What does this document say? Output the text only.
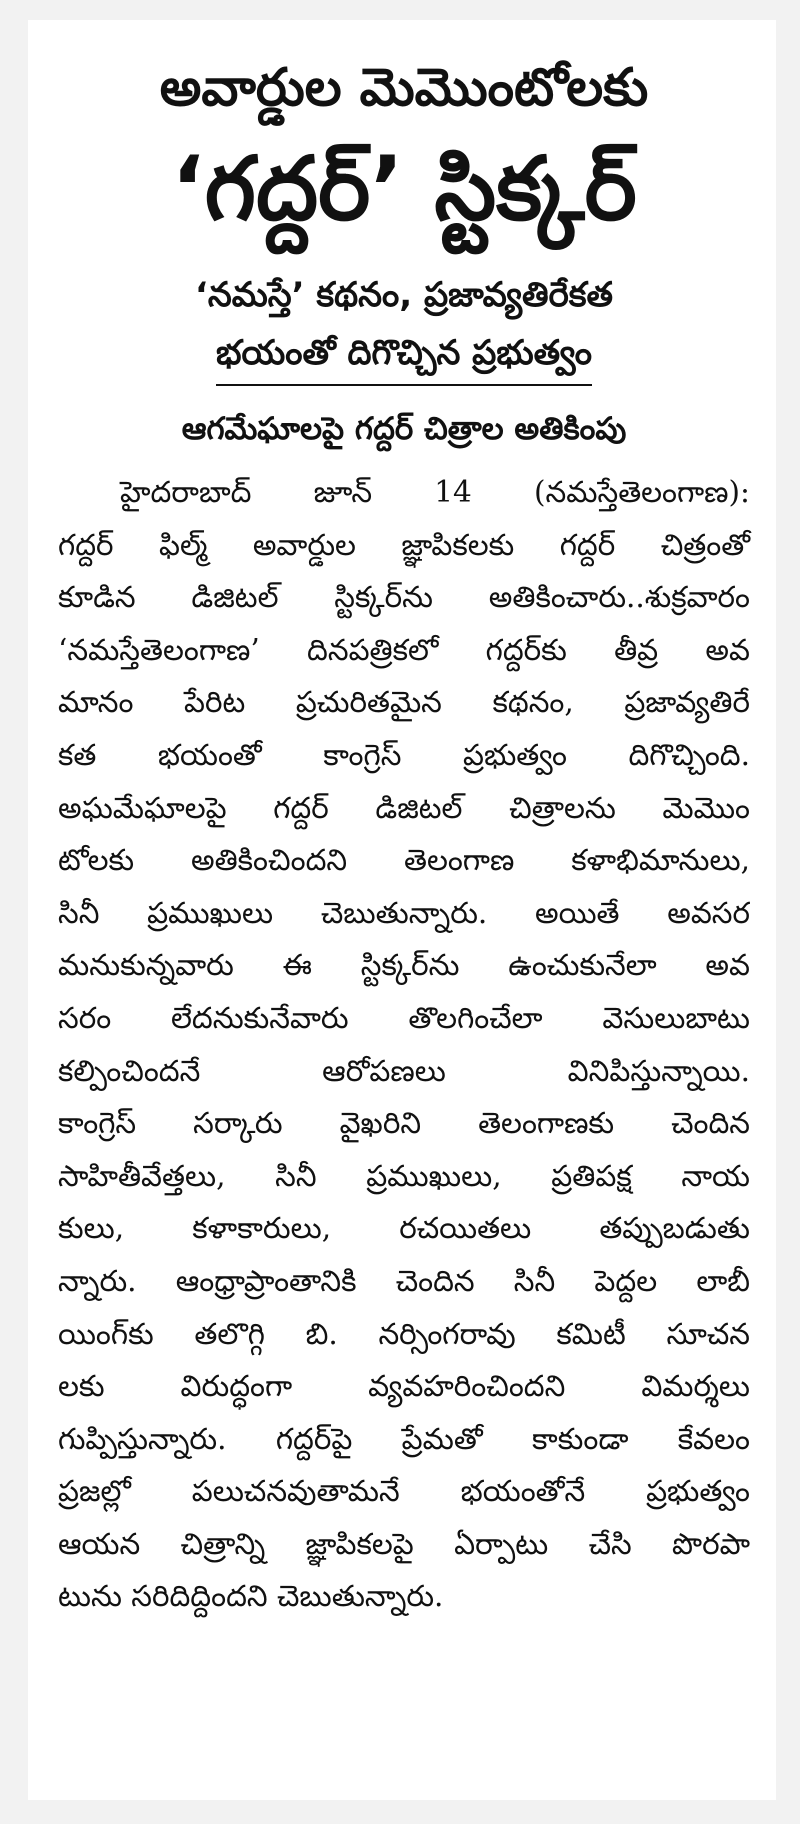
అవార్డుల మెమొంటోలకు
‘గద్దర్’ స్టిక్కర్

‘నమస్తే’ కథనం, ప్రజావ్యతిరేకత

భయంతో దిగొచ్చిన ప్రభుత్వం

ఆగమేఘాలపై గద్దర్ చిత్రాల అతికింపు

హైదరాబాద్ జూన్ 14 (నమస్తేతెలంగాణ):
గద్దర్ ఫిల్మ్ అవార్డుల జ్ఞాపికలకు గద్దర్ చిత్రంతో
కూడిన డిజిటల్ స్టిక్కర్‌ను అతికించారు..శుక్రవారం
‘నమస్తేతెలంగాణ’ దినపత్రికలో గద్దర్‌కు తీవ్ర అవ
మానం పేరిట ప్రచురితమైన కథనం, ప్రజావ్యతిరే
కత భయంతో కాంగ్రెస్ ప్రభుత్వం దిగొచ్చింది.
అఘమేఘాలపై గద్దర్ డిజిటల్ చిత్రాలను మెమొం
టోలకు అతికించిందని తెలంగాణ కళాభిమానులు,
సినీ ప్రముఖులు చెబుతున్నారు. అయితే అవసర
మనుకున్నవారు ఈ స్టిక్కర్‌ను ఉంచుకునేలా అవ
సరం లేదనుకునేవారు తొలగించేలా వెసులుబాటు
కల్పించిందనే ఆరోపణలు వినిపిస్తున్నాయి.
కాంగ్రెస్ సర్కారు వైఖరిని తెలంగాణకు చెందిన
సాహితీవేత్తలు, సినీ ప్రముఖులు, ప్రతిపక్ష నాయ
కులు, కళాకారులు, రచయితలు తప్పుబడుతు
న్నారు. ఆంధ్రాప్రాంతానికి చెందిన సినీ పెద్దల లాబీ
యింగ్‌కు తలొగ్గి బి. నర్సింగరావు కమిటీ సూచన
లకు విరుద్ధంగా వ్యవహరించిందని విమర్శలు
గుప్పిస్తున్నారు. గద్దర్‌పై ప్రేమతో కాకుండా కేవలం
ప్రజల్లో పలుచనవుతామనే భయంతోనే ప్రభుత్వం
ఆయన చిత్రాన్ని జ్ఞాపికలపై ఏర్పాటు చేసి పొరపా
టును సరిదిద్దిందని చెబుతున్నారు.
